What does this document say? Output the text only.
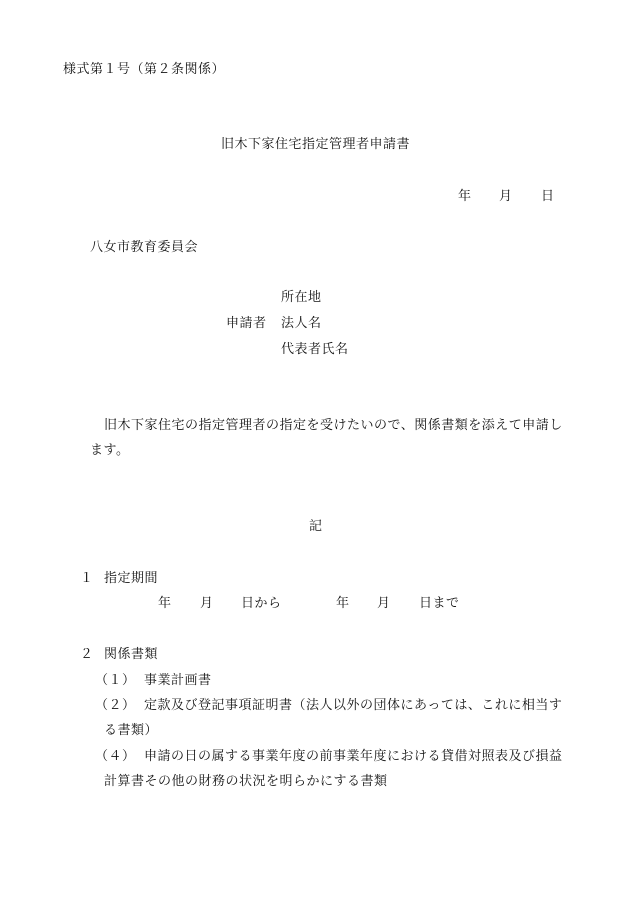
様式第１号（第２条関係）
旧木下家住宅指定管理者申請書
年 月 日
八女市教育委員会
所在地
申請者 法人名
代表者氏名
旧木下家住宅の指定管理者の指定を受けたいので、関係書類を添えて申請し
ます。
記
１ 指定期間
年 月 日から	年 月 日まで
２ 関係書類
（１） 事業計画書
（２） 定款及び登記事項証明書（法人以外の団体にあっては、これに相当す
る書類）
（４） 申請の日の属する事業年度の前事業年度における貸借対照表及び損益
計算書その他の財務の状況を明らかにする書類
